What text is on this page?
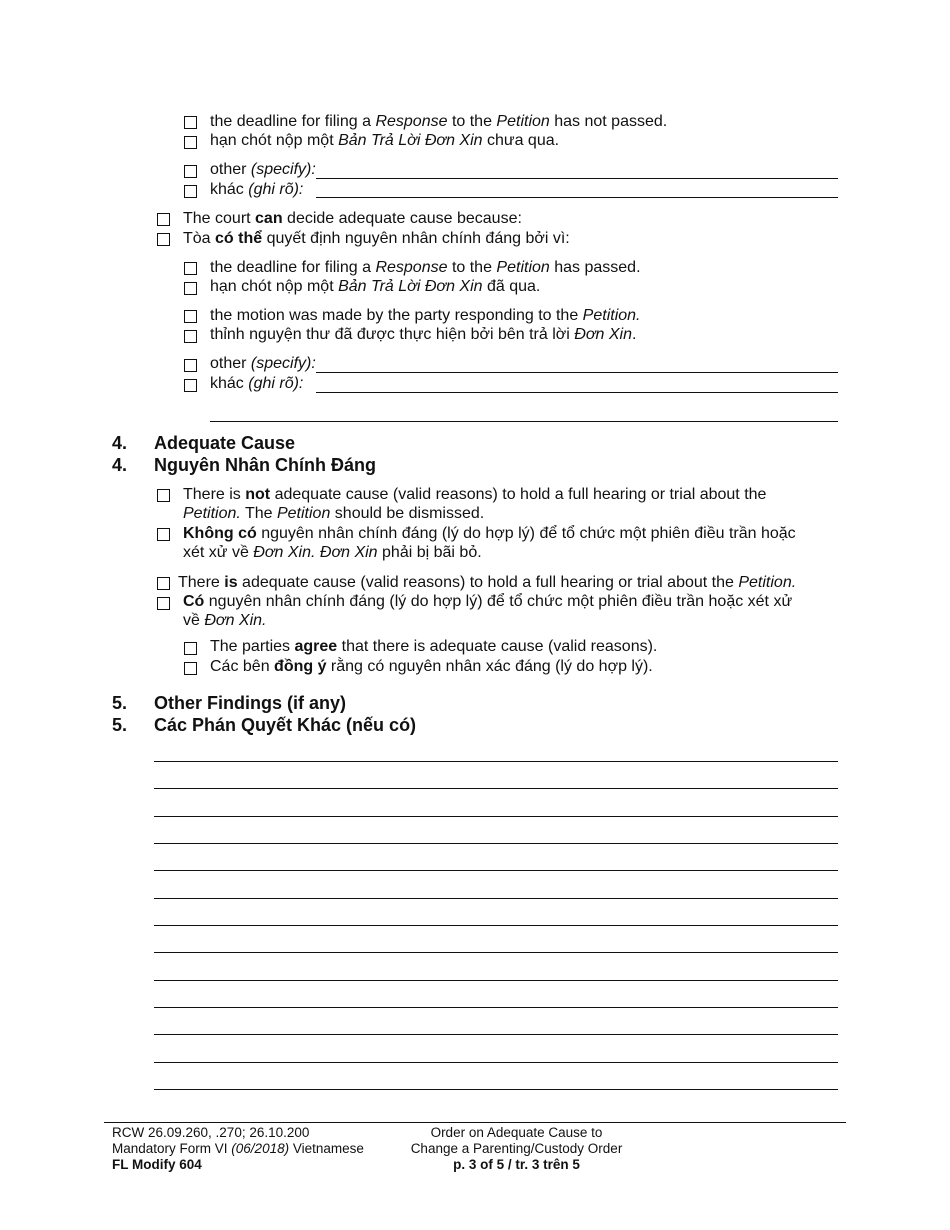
the deadline for filing a Response to the Petition has not passed.
hạn chót nộp một Bản Trả Lời Đơn Xin chưa qua.
other (specify):
khác (ghi rõ):
The court can decide adequate cause because:
Tòa có thể quyết định nguyên nhân chính đáng bởi vì:
the deadline for filing a Response to the Petition has passed.
hạn chót nộp một Bản Trả Lời Đơn Xin đã qua.
the motion was made by the party responding to the Petition.
thỉnh nguyện thư đã được thực hiện bởi bên trả lời Đơn Xin.
other (specify):
khác (ghi rõ):
4. Adequate Cause
4. Nguyên Nhân Chính Đáng
There is not adequate cause (valid reasons) to hold a full hearing or trial about the
Petition. The Petition should be dismissed.
Không có nguyên nhân chính đáng (lý do hợp lý) để tổ chức một phiên điều trần hoặc
xét xử về Đơn Xin. Đơn Xin phải bị bãi bỏ.
There is adequate cause (valid reasons) to hold a full hearing or trial about the Petition.
Có nguyên nhân chính đáng (lý do hợp lý) để tổ chức một phiên điều trần hoặc xét xử
về Đơn Xin.
The parties agree that there is adequate cause (valid reasons).
Các bên đồng ý rằng có nguyên nhân xác đáng (lý do hợp lý).
5. Other Findings (if any)
5. Các Phán Quyết Khác (nếu có)
RCW 26.09.260, .270; 26.10.200
Mandatory Form VI (06/2018) Vietnamese
FL Modify 604
Order on Adequate Cause to
Change a Parenting/Custody Order
p. 3 of 5 / tr. 3 trên 5
